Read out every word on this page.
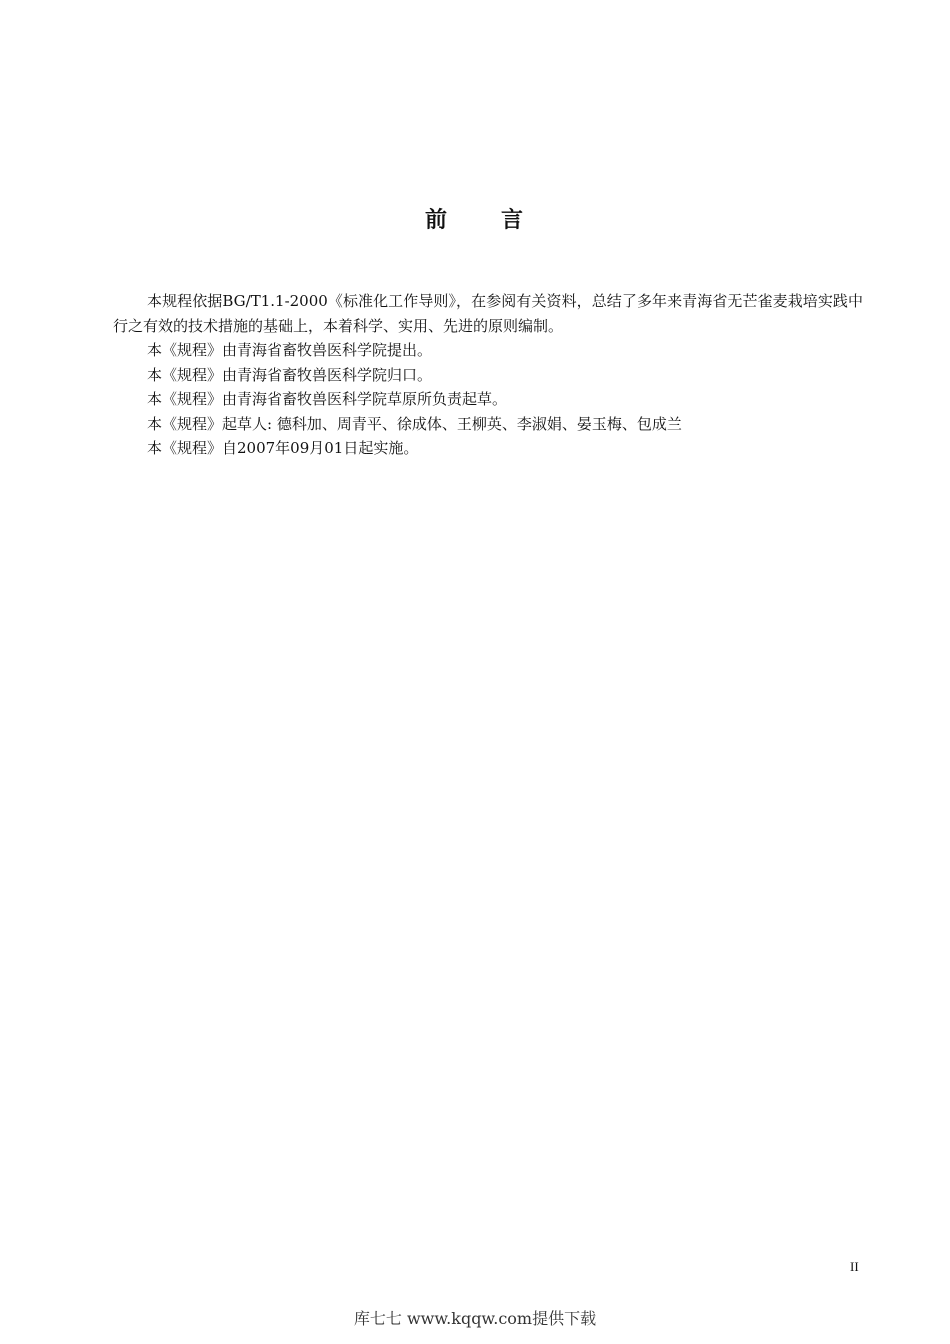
前 言

本规程依据BG/T1.1-2000《标准化工作导则》，在参阅有关资料，总结了多年来青海省无芒雀麦栽培实践中行之有效的技术措施的基础上，本着科学、实用、先进的原则编制。

本《规程》由青海省畜牧兽医科学院提出。

本《规程》由青海省畜牧兽医科学院归口。

本《规程》由青海省畜牧兽医科学院草原所负责起草。

本《规程》起草人: 德科加、周青平、徐成体、王柳英、李淑娟、晏玉梅、包成兰

本《规程》自2007年09月01日起实施。

II
库七七 www.kqqw.com提供下载
